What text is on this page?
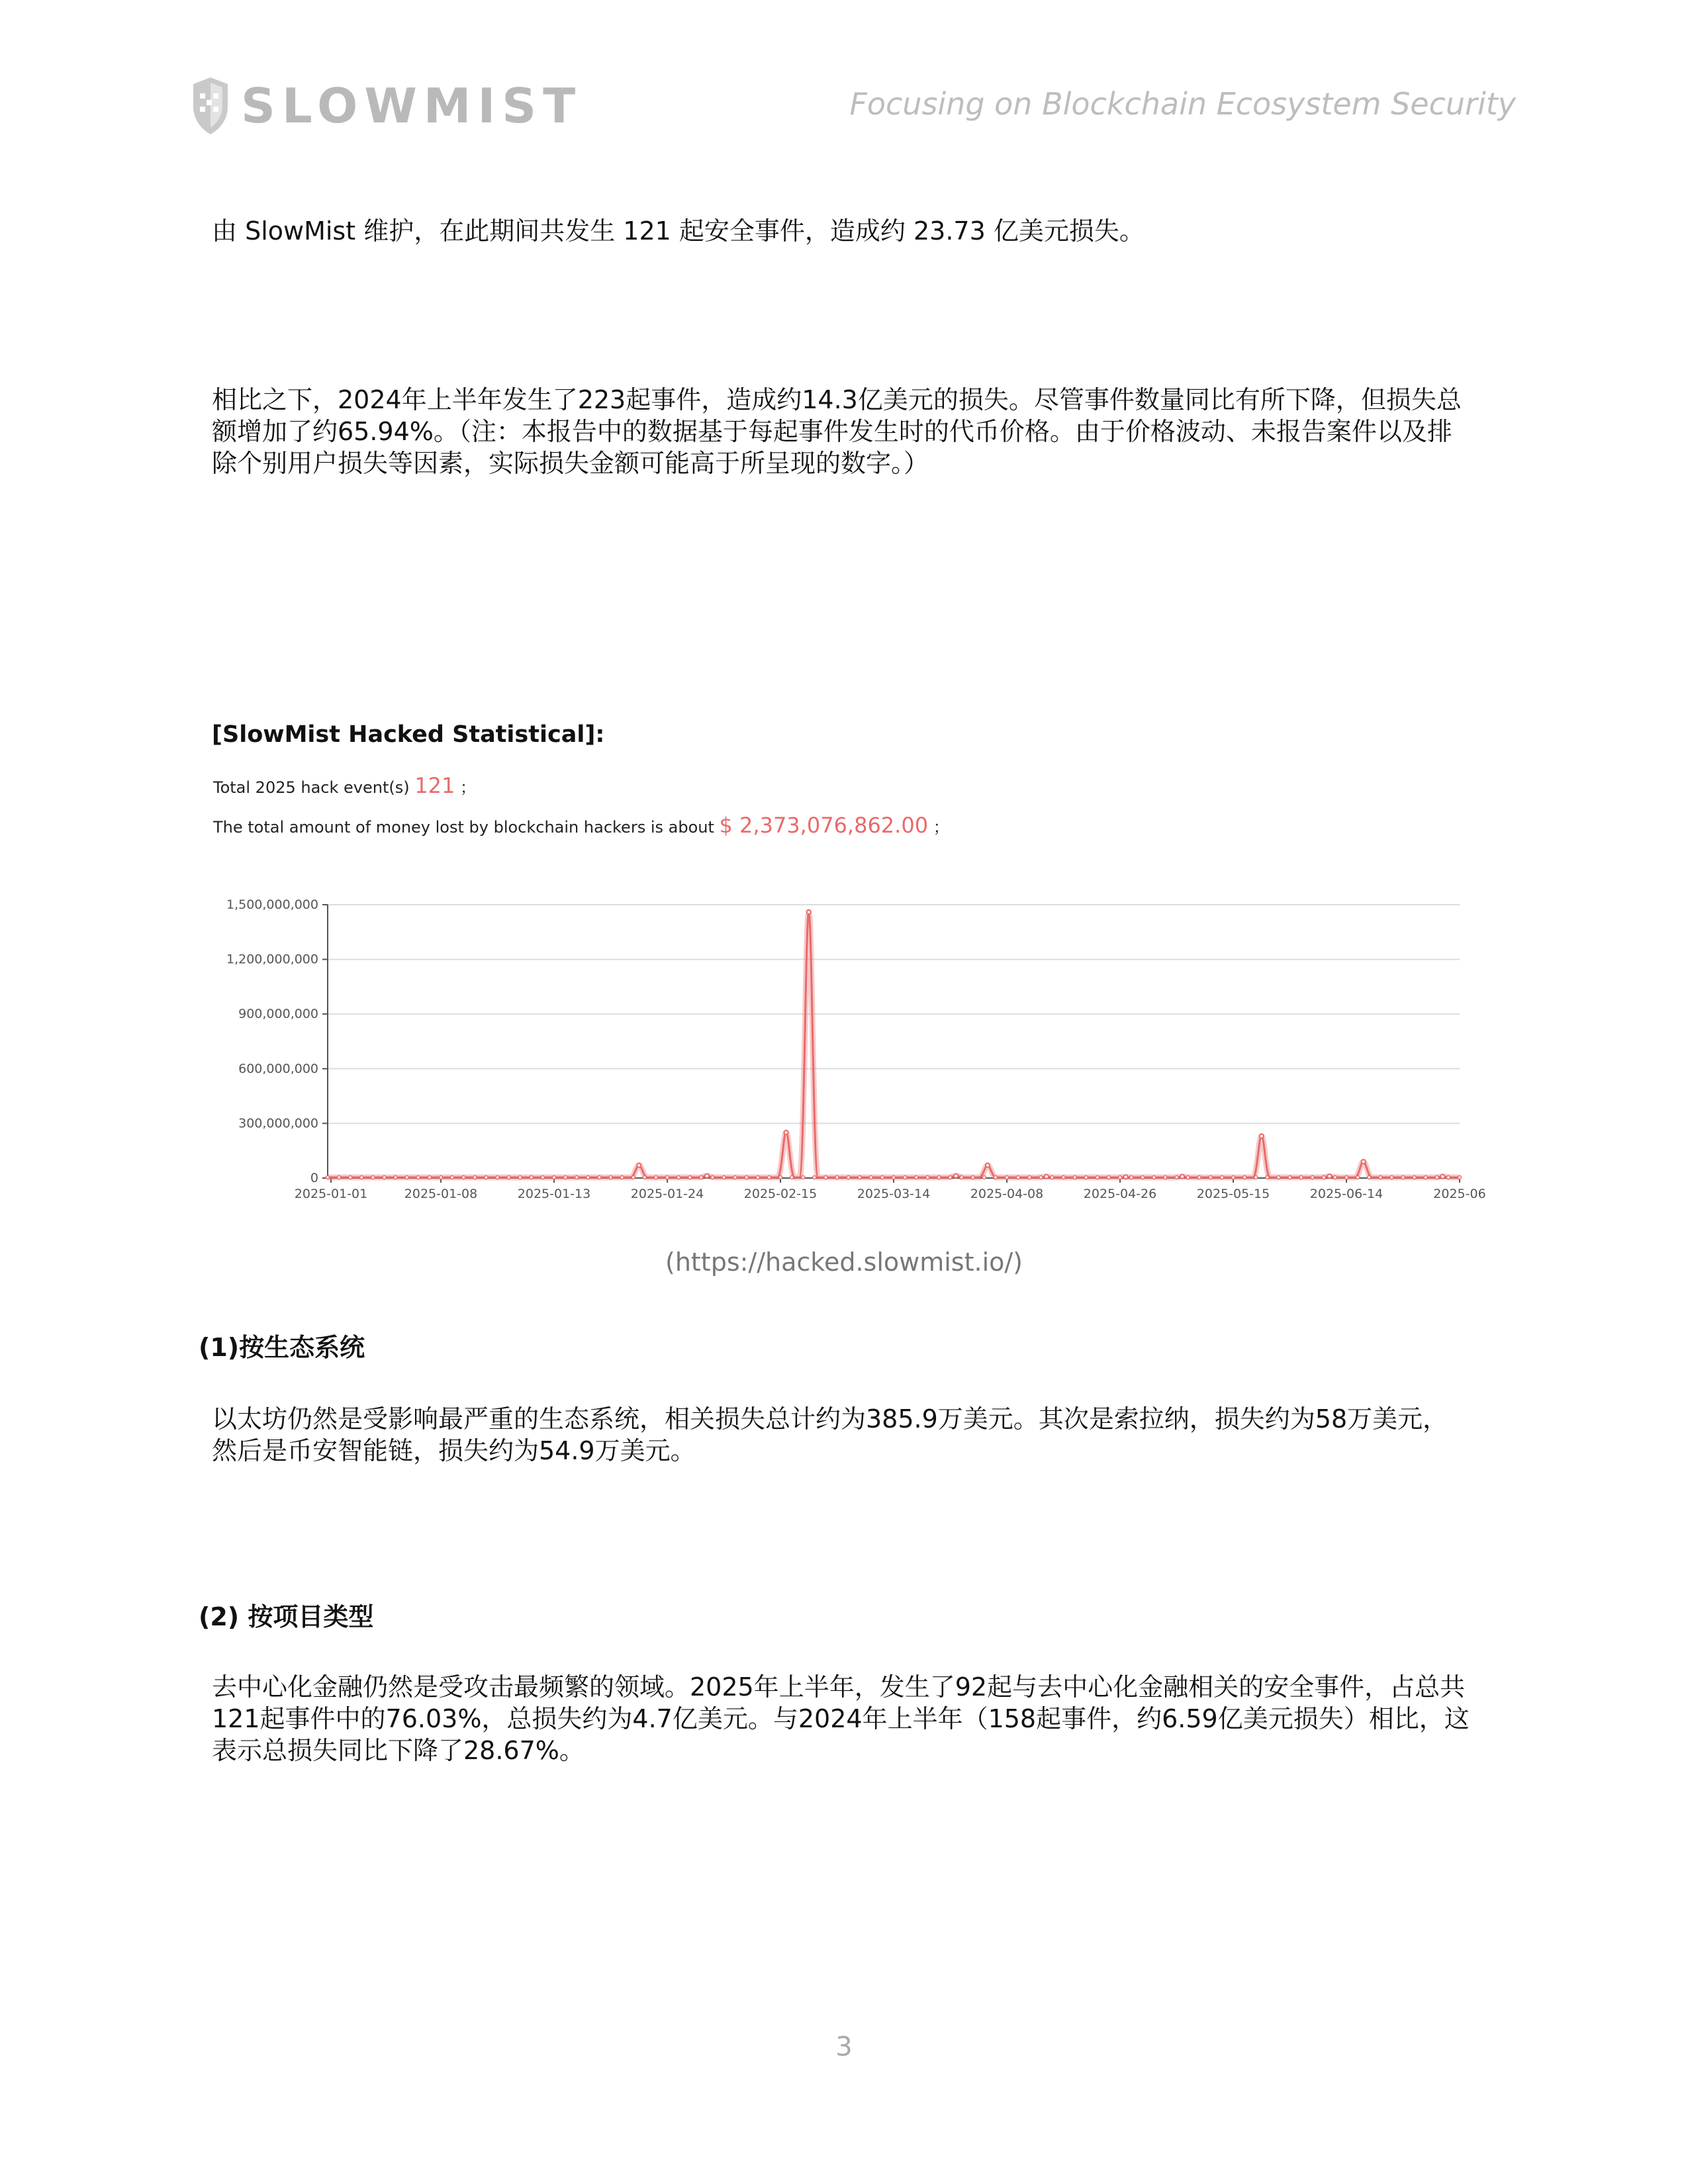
SLOWMIST	Focusing on Blockchain Ecosystem Security

由 SlowMist 维护，在此期间共发生 121 起安全事件，造成约 23.73 亿美元损失。

相比之下，2024年上半年发生了223起事件，造成约14.3亿美元的损失。尽管事件数量同比有所下降，但损失总额增加了约65.94%。（注：本报告中的数据基于每起事件发生时的代币价格。由于价格波动、未报告案件以及排除个别用户损失等因素，实际损失金额可能高于所呈现的数字。）

[SlowMist Hacked Statistical]:
Total 2025 hack event(s) 121 ；
The total amount of money lost by blockchain hackers is about $ 2,373,076,862.00 ；
0
300,000,000
600,000,000
900,000,000
1,200,000,000
1,500,000,000
2025-01-01	2025-01-08	2025-01-13	2025-01-24	2025-02-15	2025-03-14	2025-04-08	2025-04-26	2025-05-15	2025-06-14	2025-06
(https://hacked.slowmist.io/)
(1)按生态系统

以太坊仍然是受影响最严重的生态系统，相关损失总计约为385.9万美元。其次是索拉纳，损失约为58万美元，然后是币安智能链，损失约为54.9万美元。

(2) 按项目类型

去中心化金融仍然是受攻击最频繁的领域。2025年上半年，发生了92起与去中心化金融相关的安全事件，占总共121起事件中的76.03%，总损失约为4.7亿美元。与2024年上半年（158起事件，约6.59亿美元损失）相比，这表示总损失同比下降了28.67%。

3
